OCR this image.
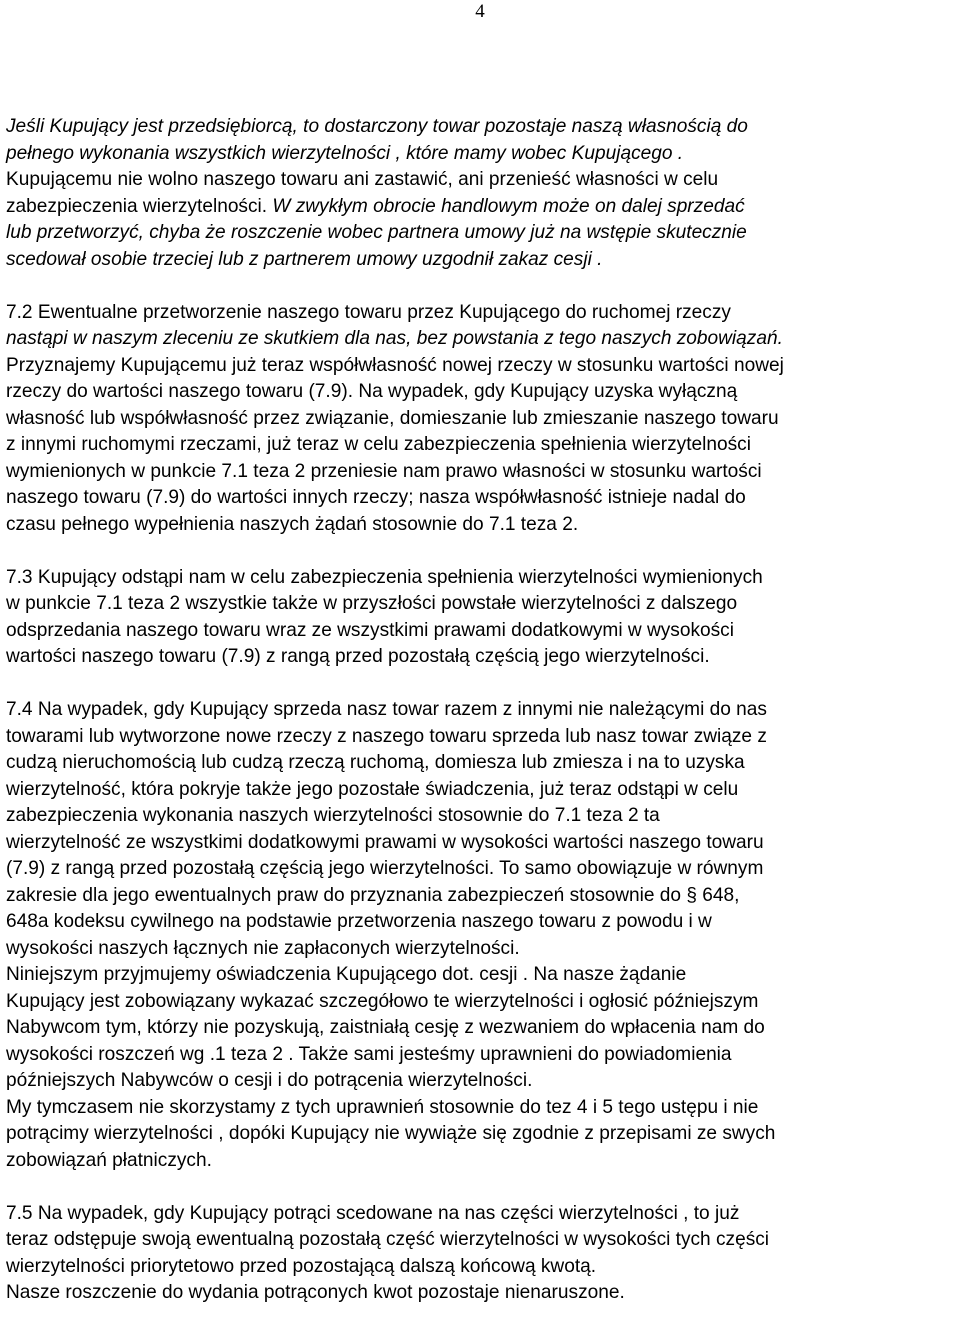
4
Jeśli Kupujący jest przedsiębiorcą, to dostarczony towar pozostaje naszą własnością do
pełnego wykonania wszystkich wierzytelności , które mamy wobec Kupującego .
Kupującemu nie wolno naszego towaru ani zastawić, ani przenieść własności w celu
zabezpieczenia wierzytelności. W zwykłym obrocie handlowym może on dalej sprzedać
lub przetworzyć, chyba że roszczenie wobec partnera umowy już na wstępie skutecznie
scedował osobie trzeciej lub z partnerem umowy uzgodnił zakaz cesji .
7.2 Ewentualne przetworzenie naszego towaru przez Kupującego do ruchomej rzeczy
nastąpi w naszym zleceniu ze skutkiem dla nas, bez powstania z tego naszych zobowiązań.
Przyznajemy Kupującemu już teraz współwłasność nowej rzeczy w stosunku wartości nowej
rzeczy do wartości naszego towaru (7.9). Na wypadek, gdy Kupujący uzyska wyłączną
własność lub współwłasność przez związanie, domieszanie lub zmieszanie naszego towaru
z innymi ruchomymi rzeczami, już teraz w celu zabezpieczenia spełnienia wierzytelności
wymienionych w punkcie 7.1 teza 2 przeniesie nam prawo własności w stosunku wartości
naszego towaru (7.9) do wartości innych rzeczy; nasza współwłasność istnieje nadal do
czasu pełnego wypełnienia naszych żądań stosownie do 7.1 teza 2.
7.3 Kupujący odstąpi nam w celu zabezpieczenia spełnienia wierzytelności wymienionych
w punkcie 7.1 teza 2 wszystkie także w przyszłości powstałe wierzytelności z dalszego
odsprzedania naszego towaru wraz ze wszystkimi prawami dodatkowymi w wysokości
wartości naszego towaru (7.9) z rangą przed pozostałą częścią jego wierzytelności.
7.4 Na wypadek, gdy Kupujący sprzeda nasz towar razem z innymi nie należącymi do nas
towarami lub wytworzone nowe rzeczy z naszego towaru sprzeda lub nasz towar związe z
cudzą nieruchomością lub cudzą rzeczą ruchomą, domiesza lub zmiesza i na to uzyska
wierzytelność, która pokryje także jego pozostałe świadczenia, już teraz odstąpi w celu
zabezpieczenia wykonania naszych wierzytelności stosownie do 7.1 teza 2 ta
wierzytelność ze wszystkimi dodatkowymi prawami w wysokości wartości naszego towaru
(7.9) z rangą przed pozostałą częścią jego wierzytelności. To samo obowiązuje w równym
zakresie dla jego ewentualnych praw do przyznania zabezpieczeń stosownie do § 648,
648a kodeksu cywilnego na podstawie przetworzenia naszego towaru z powodu i w
wysokości naszych łącznych nie zapłaconych wierzytelności.
Niniejszym przyjmujemy oświadczenia Kupującego dot. cesji . Na nasze żądanie
Kupujący jest zobowiązany wykazać szczegółowo te wierzytelności i ogłosić późniejszym
Nabywcom tym, którzy nie pozyskują, zaistniałą cesję z wezwaniem do wpłacenia nam do
wysokości roszczeń wg .1 teza 2 . Także sami jesteśmy uprawnieni do powiadomienia
późniejszych Nabywców o cesji i do potrącenia wierzytelności.
My tymczasem nie skorzystamy z tych uprawnień stosownie do tez 4 i 5 tego ustępu i nie
potrącimy wierzytelności , dopóki Kupujący nie wywiąże się zgodnie z przepisami ze swych
zobowiązań płatniczych.
7.5 Na wypadek, gdy Kupujący potrąci scedowane na nas części wierzytelności , to już
teraz odstępuje swoją ewentualną pozostałą część wierzytelności w wysokości tych części
wierzytelności priorytetowo przed pozostającą dalszą końcową kwotą.
Nasze roszczenie do wydania potrąconych kwot pozostaje nienaruszone.
